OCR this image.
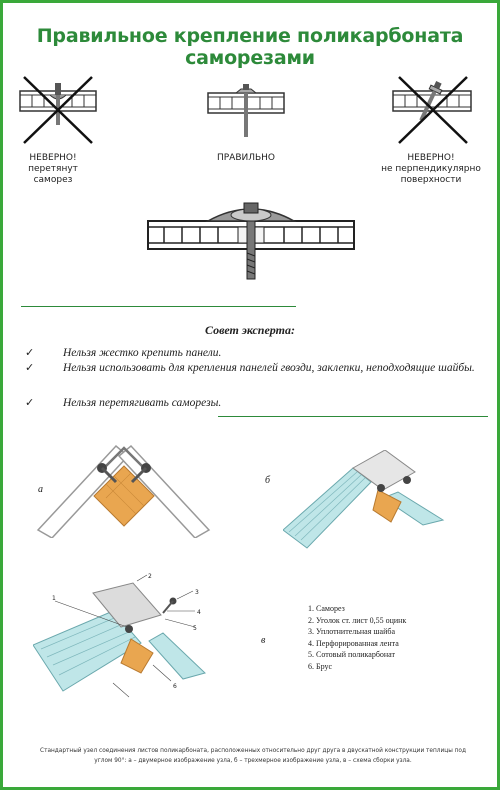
Правильное крепление поликарбоната саморезами
НЕВЕРНО!
перетянут
саморез
ПРАВИЛЬНО	НЕВЕРНО!
не перпендикулярно
поверхности
Совет эксперта:
✓	Нельзя жестко крепить панели.
✓	Нельзя использовать для крепления панелей гвозди, заклепки, неподходящие шайбы.
✓	Нельзя перетягивать саморезы.
а
б
в
1
2
3
4
5
6
1. Саморез
2. Уголок ст. лист 0,55 оцинк
3. Уплотнительная шайба
4. Перфорированная лента
5. Сотовый поликарбонат
6. Брус
Стандартный узел соединения листов поликарбоната, расположенных относительно друг друга в двускатной конструкции теплицы под углом 90°: а – двумерное изображение узла, б – трехмерное изображение узла, в – схема сборки узла.
